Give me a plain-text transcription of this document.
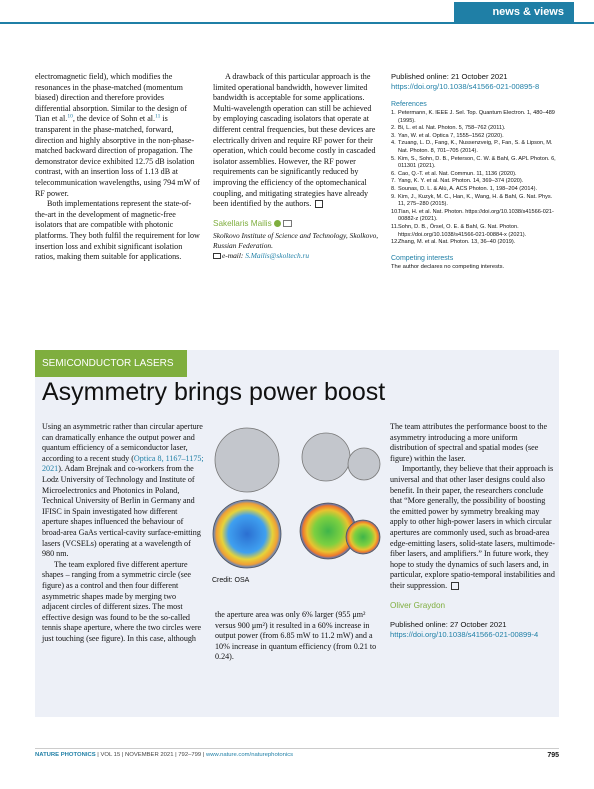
news & views

electromagnetic field), which modifies the resonances in the phase-matched (momentum biased) direction and therefore provides differential absorption. Similar to the design of Tian et al.$^{10}$, the device of Sohn et al.$^{11}$ is transparent in the phase-matched, forward, direction and highly absorptive in the non-phase-matched backward direction of propagation. The demonstrator device exhibited 12.75 dB isolation contrast, with an insertion loss of 1.13 dB at telecommunication wavelengths, using 794 mW of RF power.

Both implementations represent the state-of-the-art in the development of magnetic-free isolators that are compatible with photonic platforms. They both fulfil the requirement for low insertion loss and exhibit significant isolation ratios, making them suitable for applications.

A drawback of this particular approach is the limited operational bandwidth, however limited bandwidth is acceptable for some applications. Multi-wavelength operation can still be achieved by employing cascading isolators that operate at different central frequencies, but these devices are electrically driven and require RF power for their operation, which could become costly in cascaded isolator assemblies. However, the RF power requirements can be significantly reduced by improving the efficiency of the optomechanical coupling, and mitigating strategies have already been identified by the authors.

Sakellaris Mailis
Skolkovo Institute of Science and Technology, Skolkovo, Russian Federation.
e-mail: S.Mailis@skoltech.ru
Published online: 21 October 2021
https://doi.org/10.1038/s41566-021-00895-8
References
1. Petermann, K. IEEE J. Sel. Top. Quantum Electron. 1, 480–489 (1995).
2. Bi, L. et al. Nat. Photon. 5, 758–762 (2011).
3. Yan, W. et al. Optica 7, 1555–1562 (2020).
4. Tzuang, L. D., Fang, K., Nussenzveig, P., Fan, S. & Lipson, M. Nat. Photon. 8, 701–705 (2014).
5. Kim, S., Sohn, D. B., Peterson, C. W. & Bahl, G. APL Photon. 6, 011301 (2021).
6. Cao, Q.-T. et al. Nat. Commun. 11, 1136 (2020).
7. Yang, K. Y. et al. Nat. Photon. 14, 369–374 (2020).
8. Sounas, D. L. & Alù, A. ACS Photon. 1, 198–204 (2014).
9. Kim, J., Kuzyk, M. C., Han, K., Wang, H. & Bahl, G. Nat. Phys. 11, 275–280 (2015).
10. Tian, H. et al. Nat. Photon. https://doi.org/10.1038/s41566-021-00882-z (2021).
11. Sohn, D. B., Örsel, O. E. & Bahl, G. Nat. Photon. https://doi.org/10.1038/s41566-021-00884-x (2021).
12. Zhang, M. et al. Nat. Photon. 13, 36–40 (2019).
Competing interests
The author declares no competing interests.
SEMICONDUCTOR LASERS
Asymmetry brings power boost

Using an asymmetric rather than circular aperture can dramatically enhance the output power and quantum efficiency of a semiconductor laser, according to a recent study (Optica 8, 1167–1175; 2021). Adam Brejnak and co-workers from the Lodz University of Technology and Institute of Microelectronics and Photonics in Poland, Technical University of Berlin in Germany and IFISC in Spain investigated how different aperture shapes influenced the behaviour of broad-area GaAs vertical-cavity surface-emitting lasers (VCSELs) operating at a wavelength of 980 nm.

The team explored five different aperture shapes – ranging from a symmetric circle (see figure) as a control and then four different asymmetric shapes made by merging two adjacent circles of different sizes. The most effective design was found to be the so-called tennis shape aperture, where the two circles were just touching (see figure). In this case, although

Credit: OSA

the aperture area was only 6% larger (955 μm² versus 900 μm²) it resulted in a 60% increase in output power (from 6.85 mW to 11.2 mW) and a 10% increase in quantum efficiency (from 0.21 to 0.24).

The team attributes the performance boost to the asymmetry introducing a more uniform distribution of spectral and spatial modes (see figure) within the laser.

Importantly, they believe that their approach is universal and that other laser designs could also benefit. In their paper, the researchers conclude that “More generally, the possibility of boosting the emitted power by symmetry breaking may apply to other high-power lasers in which circular apertures are commonly used, such as broad-area edge-emitting lasers, solid-state lasers, multimode-fiber lasers, and amplifiers.” In future work, they hope to study the dynamics of such lasers and, in particular, explore spatio-temporal instabilities and their suppression.

Oliver Graydon
Published online: 27 October 2021
https://doi.org/10.1038/s41566-021-00899-4
NATURE PHOTONICS | VOL 15 | NOVEMBER 2021 | 792–799 | www.nature.com/naturephotonics	795
